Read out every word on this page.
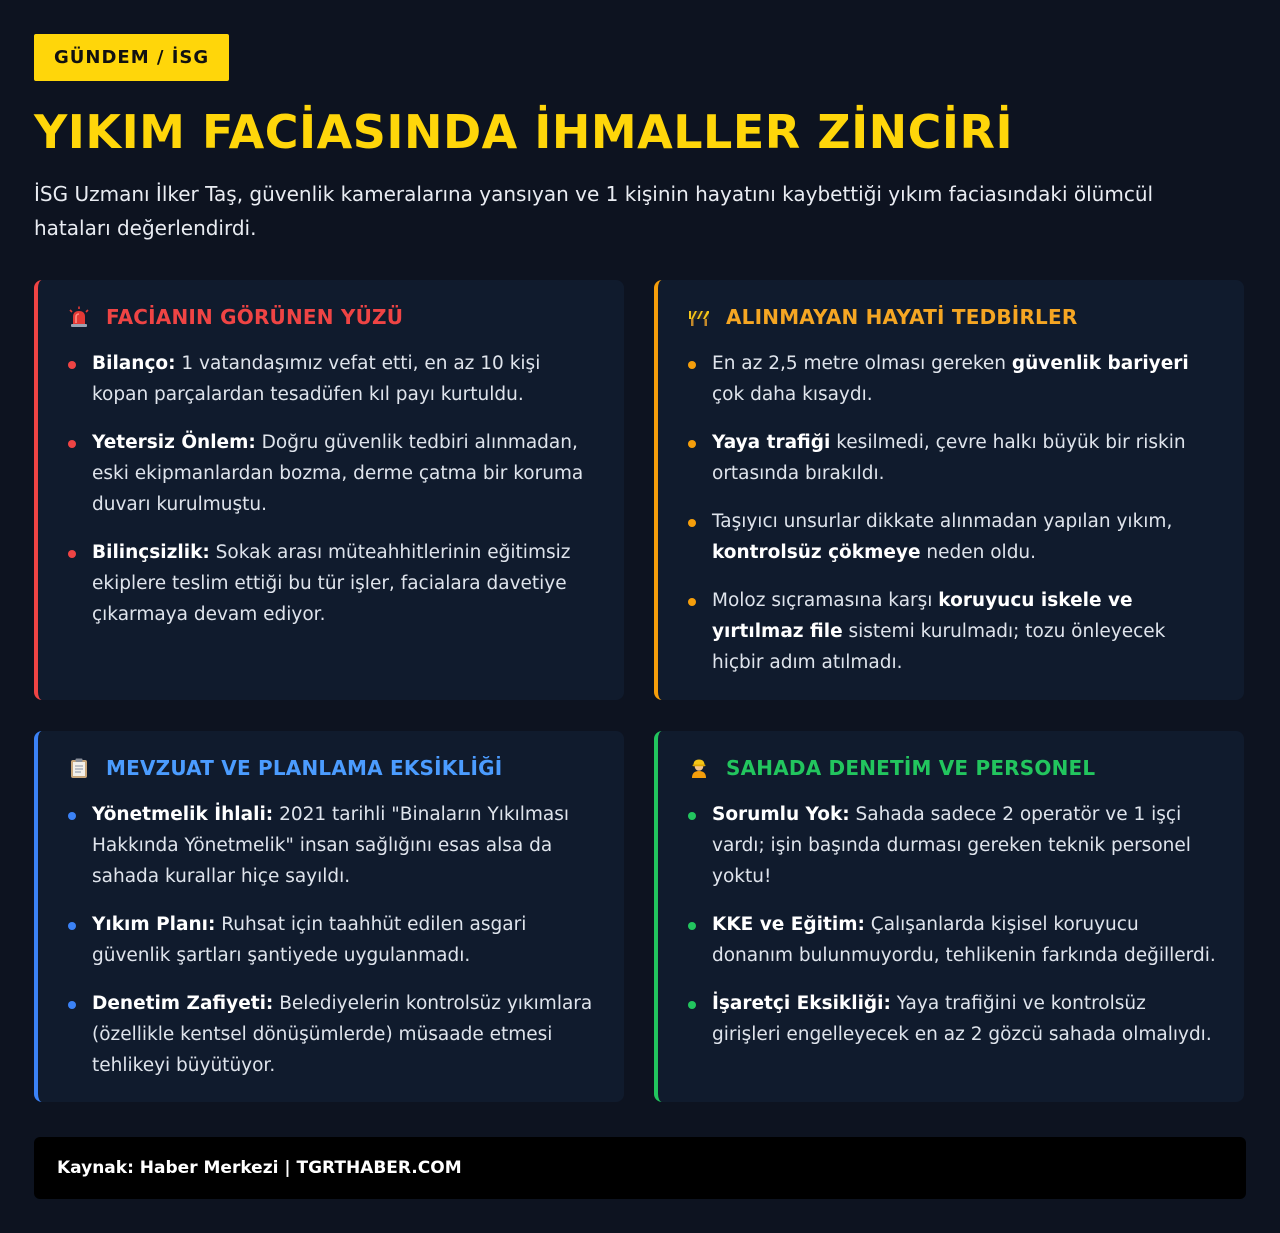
GÜNDEM / İSG
YIKIM FACİASINDA İHMALLER ZİNCİRİ

İSG Uzmanı İlker Taş, güvenlik kameralarına yansıyan ve 1 kişinin hayatını kaybettiği yıkım faciasındaki ölümcül hataları değerlendirdi.

FACİANIN GÖRÜNEN YÜZÜ
Bilanço: 1 vatandaşımız vefat etti, en az 10 kişi kopan parçalardan tesadüfen kıl payı kurtuldu.
Yetersiz Önlem: Doğru güvenlik tedbiri alınmadan, eski ekipmanlardan bozma, derme çatma bir koruma duvarı kurulmuştu.
Bilinçsizlik: Sokak arası müteahhitlerinin eğitimsiz ekiplere teslim ettiği bu tür işler, facialara davetiye çıkarmaya devam ediyor.
ALINMAYAN HAYATİ TEDBİRLER
En az 2,5 metre olması gereken güvenlik bariyeri çok daha kısaydı.
Yaya trafiği kesilmedi, çevre halkı büyük bir riskin ortasında bırakıldı.
Taşıyıcı unsurlar dikkate alınmadan yapılan yıkım, kontrolsüz çökmeye neden oldu.
Moloz sıçramasına karşı koruyucu iskele ve yırtılmaz file sistemi kurulmadı; tozu önleyecek hiçbir adım atılmadı.
MEVZUAT VE PLANLAMA EKSİKLİĞİ
Yönetmelik İhlali: 2021 tarihli "Binaların Yıkılması Hakkında Yönetmelik" insan sağlığını esas alsa da sahada kurallar hiçe sayıldı.
Yıkım Planı: Ruhsat için taahhüt edilen asgari güvenlik şartları şantiyede uygulanmadı.
Denetim Zafiyeti: Belediyelerin kontrolsüz yıkımlara (özellikle kentsel dönüşümlerde) müsaade etmesi tehlikeyi büyütüyor.
SAHADA DENETİM VE PERSONEL
Sorumlu Yok: Sahada sadece 2 operatör ve 1 işçi vardı; işin başında durması gereken teknik personel yoktu!
KKE ve Eğitim: Çalışanlarda kişisel koruyucu donanım bulunmuyordu, tehlikenin farkında değillerdi.
İşaretçi Eksikliği: Yaya trafiğini ve kontrolsüz girişleri engelleyecek en az 2 gözcü sahada olmalıydı.
Kaynak: Haber Merkezi | TGRTHABER.COM
